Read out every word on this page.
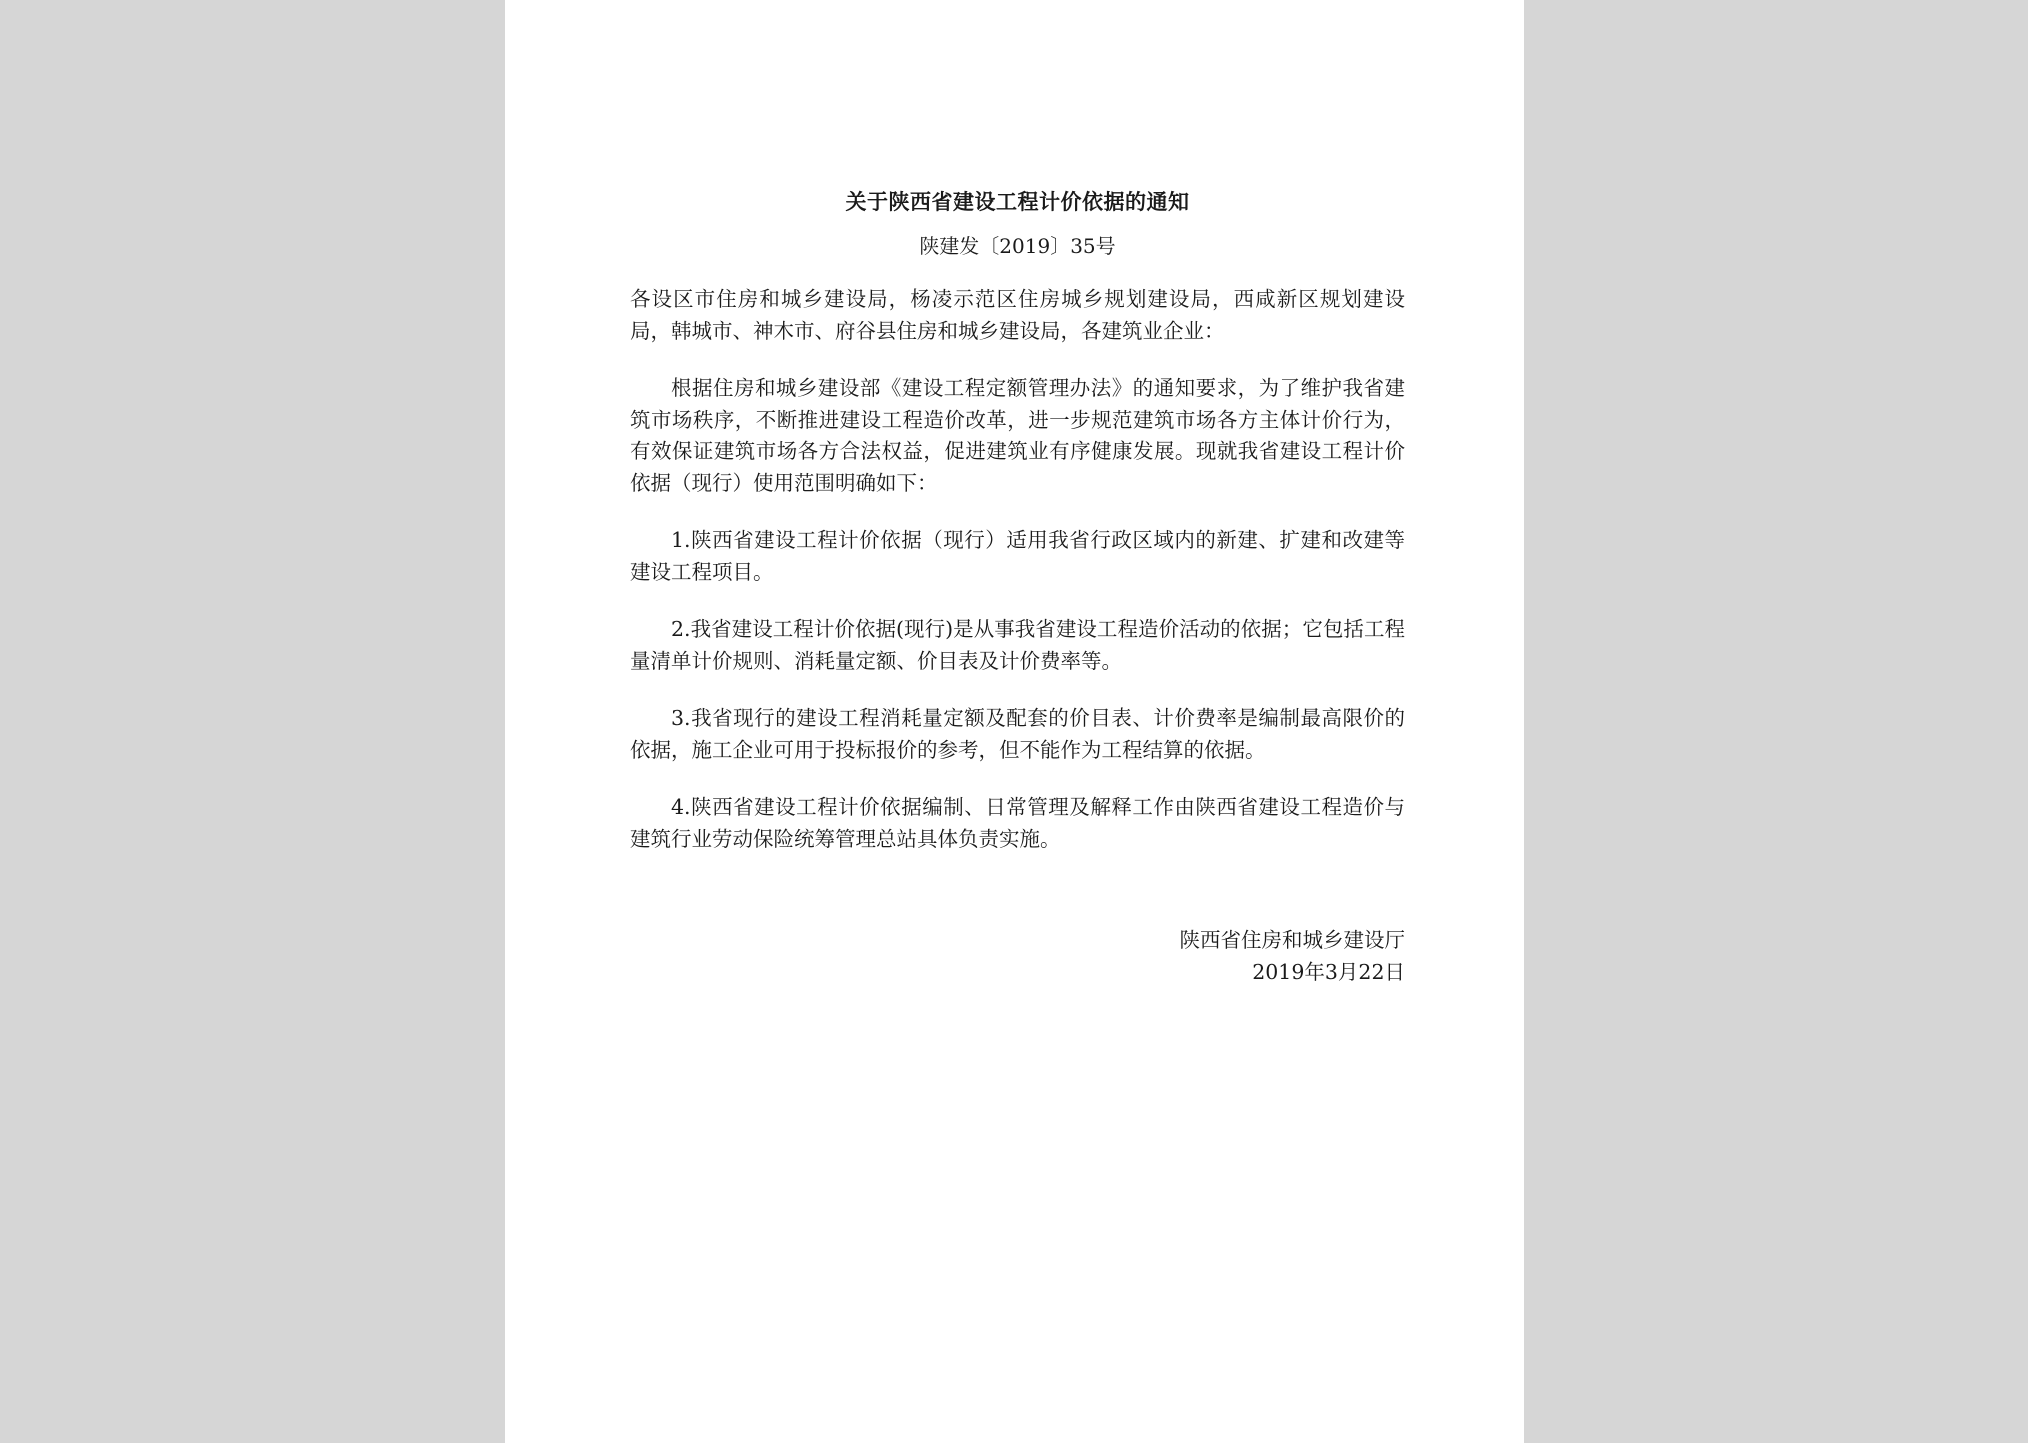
关于陕西省建设工程计价依据的通知
陕建发〔2019〕35号

各设区市住房和城乡建设局，杨凌示范区住房城乡规划建设局，西咸新区规划建设局，韩城市、神木市、府谷县住房和城乡建设局，各建筑业企业：

根据住房和城乡建设部《建设工程定额管理办法》的通知要求，为了维护我省建筑市场秩序，不断推进建设工程造价改革，进一步规范建筑市场各方主体计价行为，有效保证建筑市场各方合法权益，促进建筑业有序健康发展。现就我省建设工程计价依据（现行）使用范围明确如下：

1.陕西省建设工程计价依据（现行）适用我省行政区域内的新建、扩建和改建等建设工程项目。

2.我省建设工程计价依据(现行)是从事我省建设工程造价活动的依据；它包括工程量清单计价规则、消耗量定额、价目表及计价费率等。

3.我省现行的建设工程消耗量定额及配套的价目表、计价费率是编制最高限价的依据，施工企业可用于投标报价的参考，但不能作为工程结算的依据。

4.陕西省建设工程计价依据编制、日常管理及解释工作由陕西省建设工程造价与建筑行业劳动保险统筹管理总站具体负责实施。

陕西省住房和城乡建设厅
2019年3月22日
